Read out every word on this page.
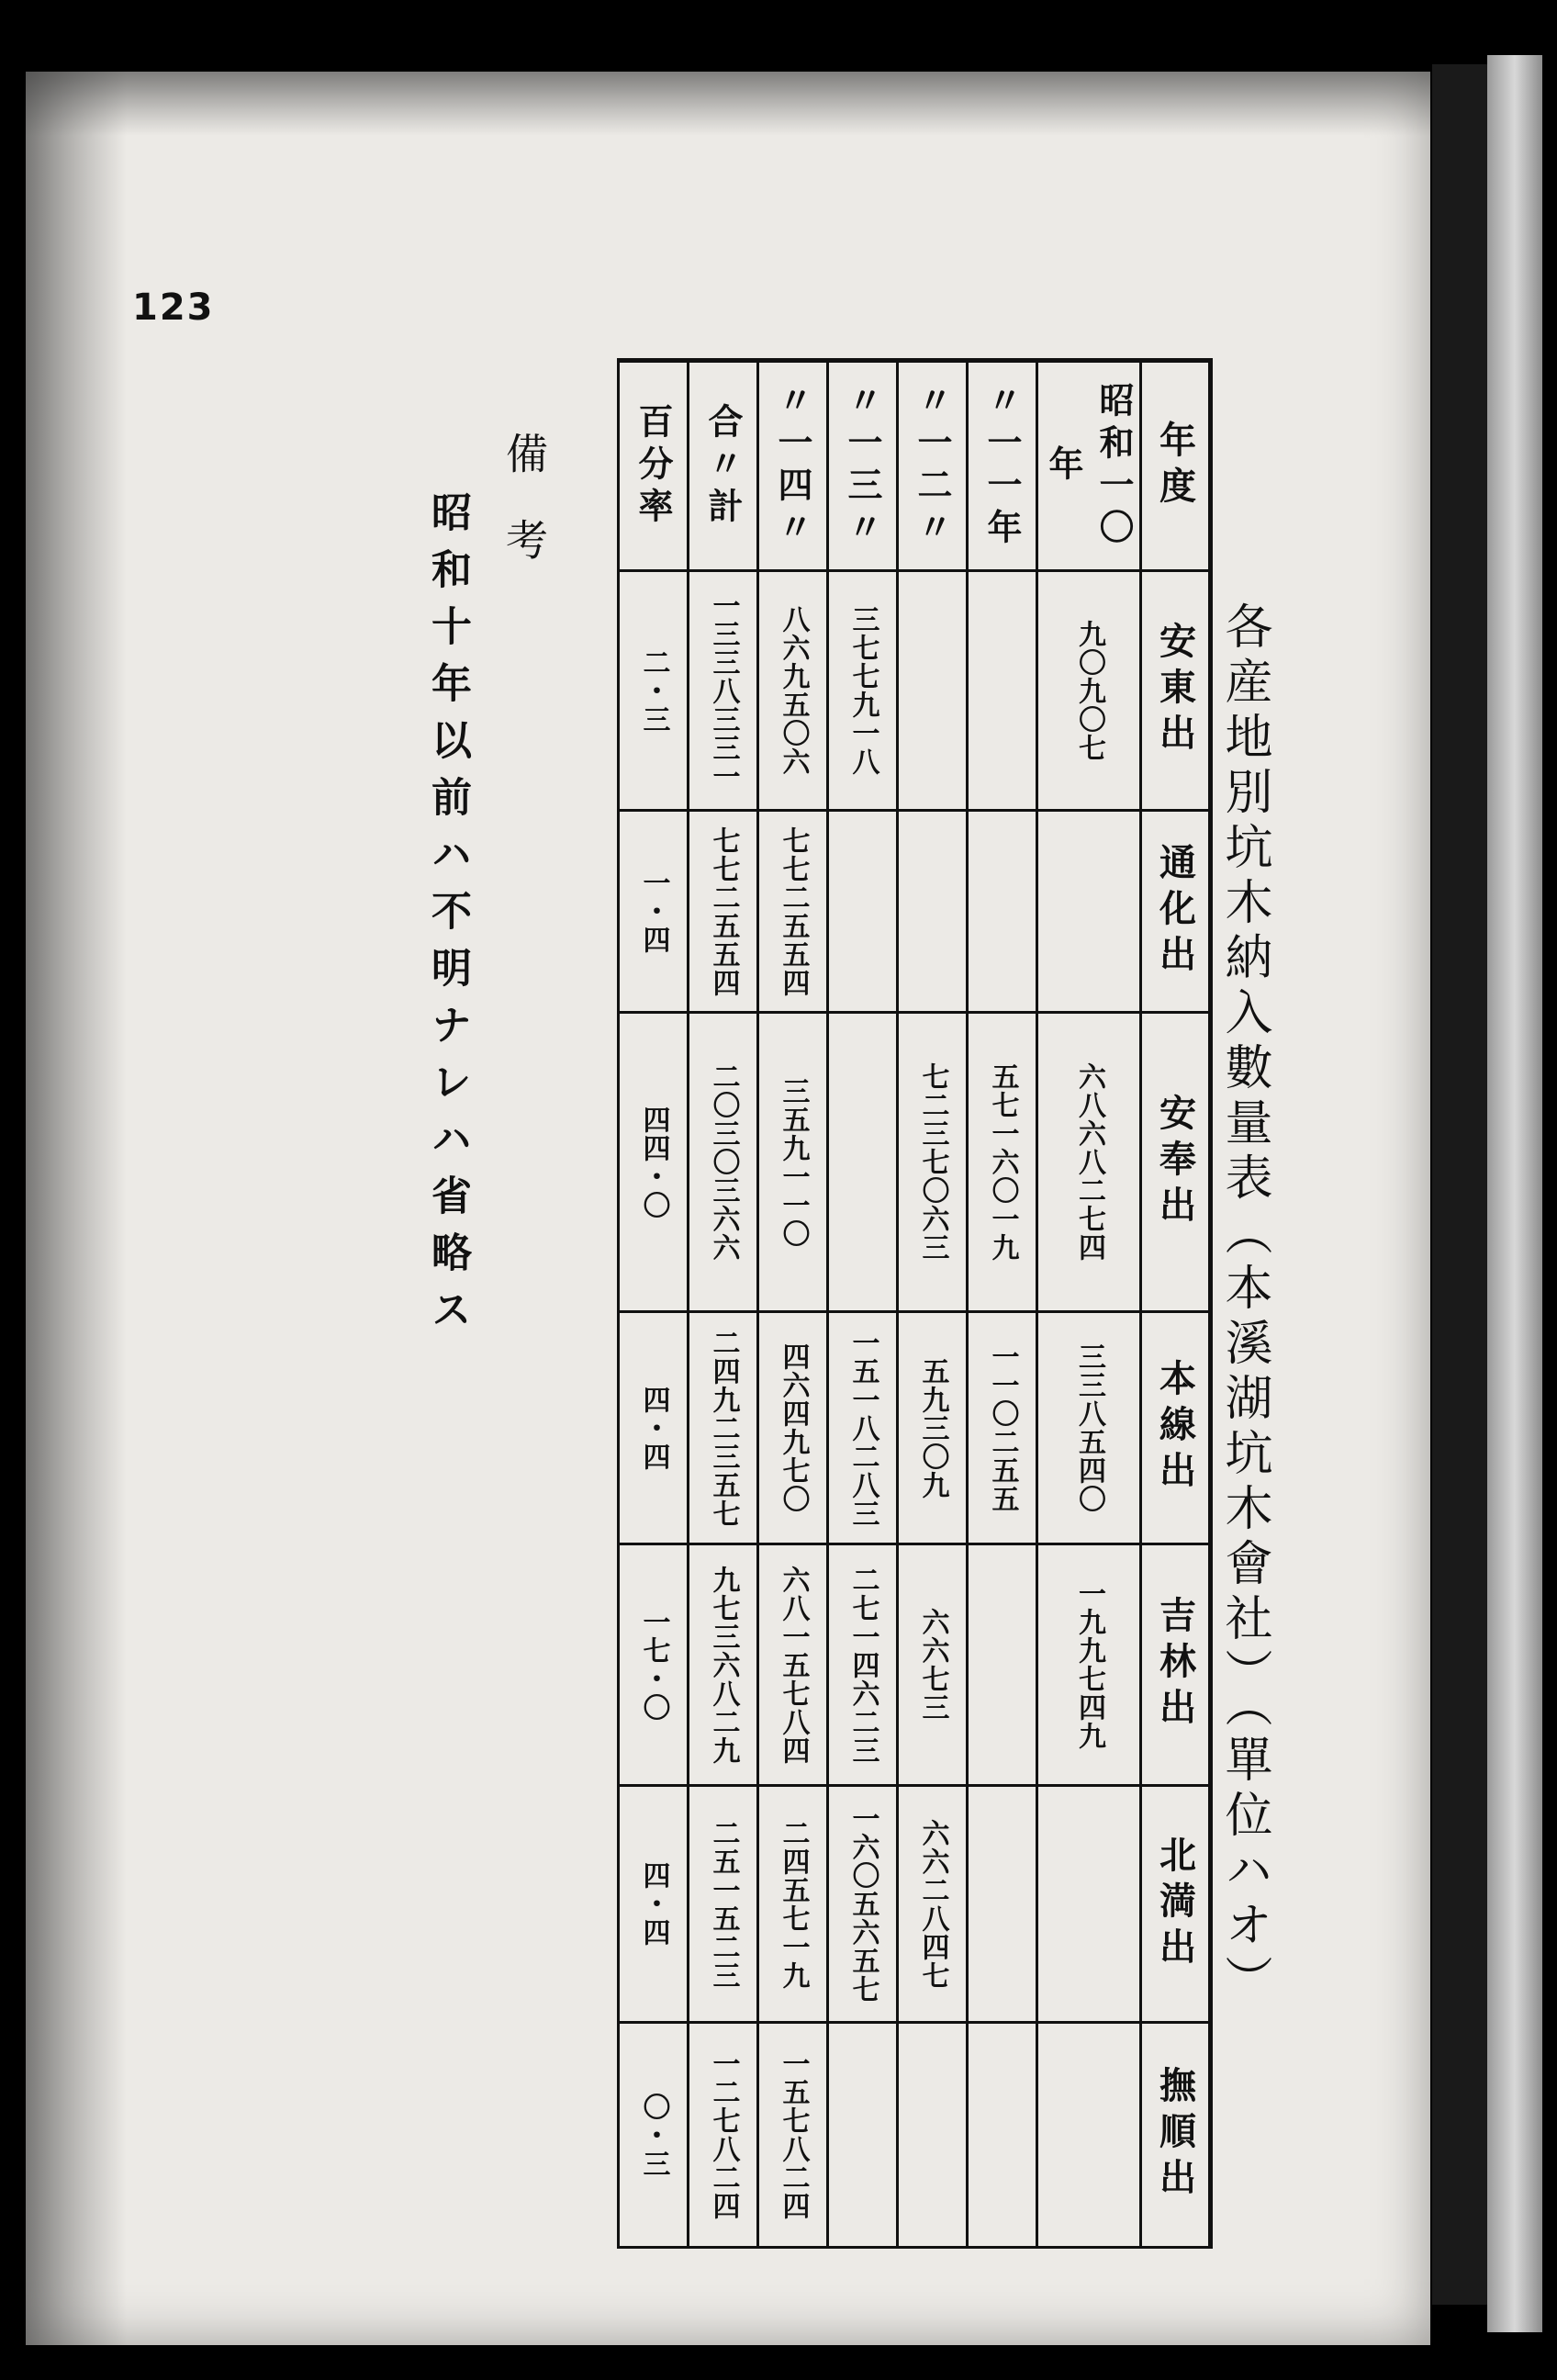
123
各産地別坑木納入數量表（本溪湖坑木會社）（單位ハオ）
年度	安東出	通化出	安奉出	本線出	吉林出	北満出	撫順出
昭和一〇年	九〇九〇七		六八六八二七四	三三八五四〇	一九九七四九		
〃一一年			五七一六〇一九	一一〇二五五			
〃一二〃			七二三七〇六三	五九三〇九	六六七三	六六二八四七	
〃一三〃	三七七九一八			一五一八二八三	二七一四六二三	一六〇五六五七	
〃一四〃	八六九五〇六	七七二五五四	三五九一一〇	四六四九七〇	六八一五七八四	二四五七一九	一五七八二四
合〃計	一三三八三三一	七七二五五四	二〇三〇三六六	二四九二三五七	九七三六八二九	二五一五二三	一二七八二四
百分率	二・三	一・四	四四・〇	四・四	一七・〇	四・四	〇・三
備考
昭和十年以前ハ不明ナレハ省略ス
